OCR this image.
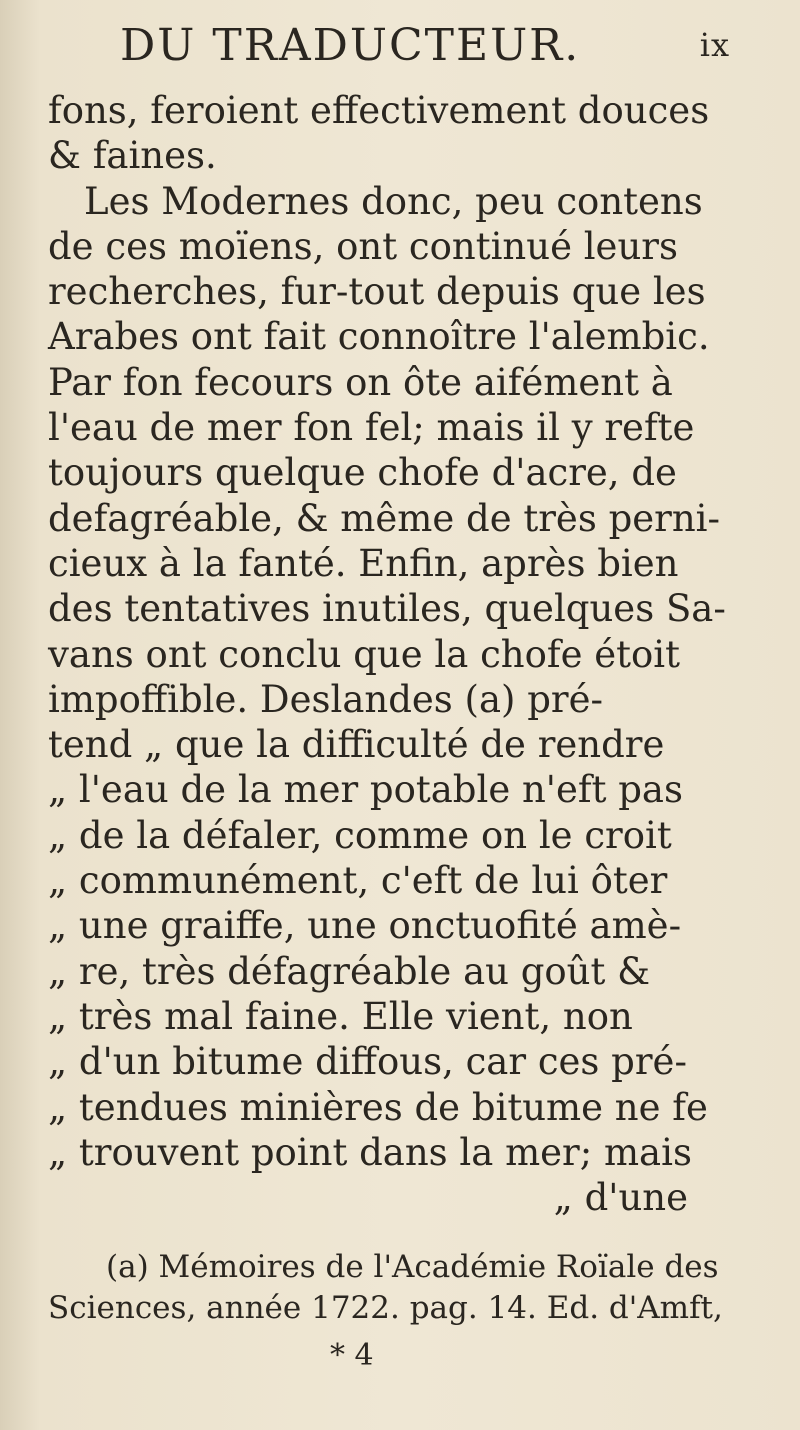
DU TRADUCTEUR.	ix
fons, feroient effectivement douces
& faines.
Les Modernes donc, peu contens
de ces moïens, ont continué leurs
recherches, fur-tout depuis que les
Arabes ont fait connoître l'alembic.
Par fon fecours on ôte aifément à
l'eau de mer fon fel; mais il y refte
toujours quelque chofe d'acre, de
defagréable, & même de très perni-
cieux à la fanté. Enfin, après bien
des tentatives inutiles, quelques Sa-
vans ont conclu que la chofe étoit
impoffible. Deslandes (a) pré-
tend „ que la difficulté de rendre
„ l'eau de la mer potable n'eft pas
„ de la défaler, comme on le croit
„ communément, c'eft de lui ôter
„ une graiffe, une onctuofité amè-
„ re, très défagréable au goût &
„ très mal faine. Elle vient, non
„ d'un bitume diffous, car ces pré-
„ tendues minières de bitume ne fe
„ trouvent point dans la mer; mais
„ d'une
(a) Mémoires de l'Académie Roïale des
Sciences, année 1722. pag. 14. Ed. d'Amft,
* 4
